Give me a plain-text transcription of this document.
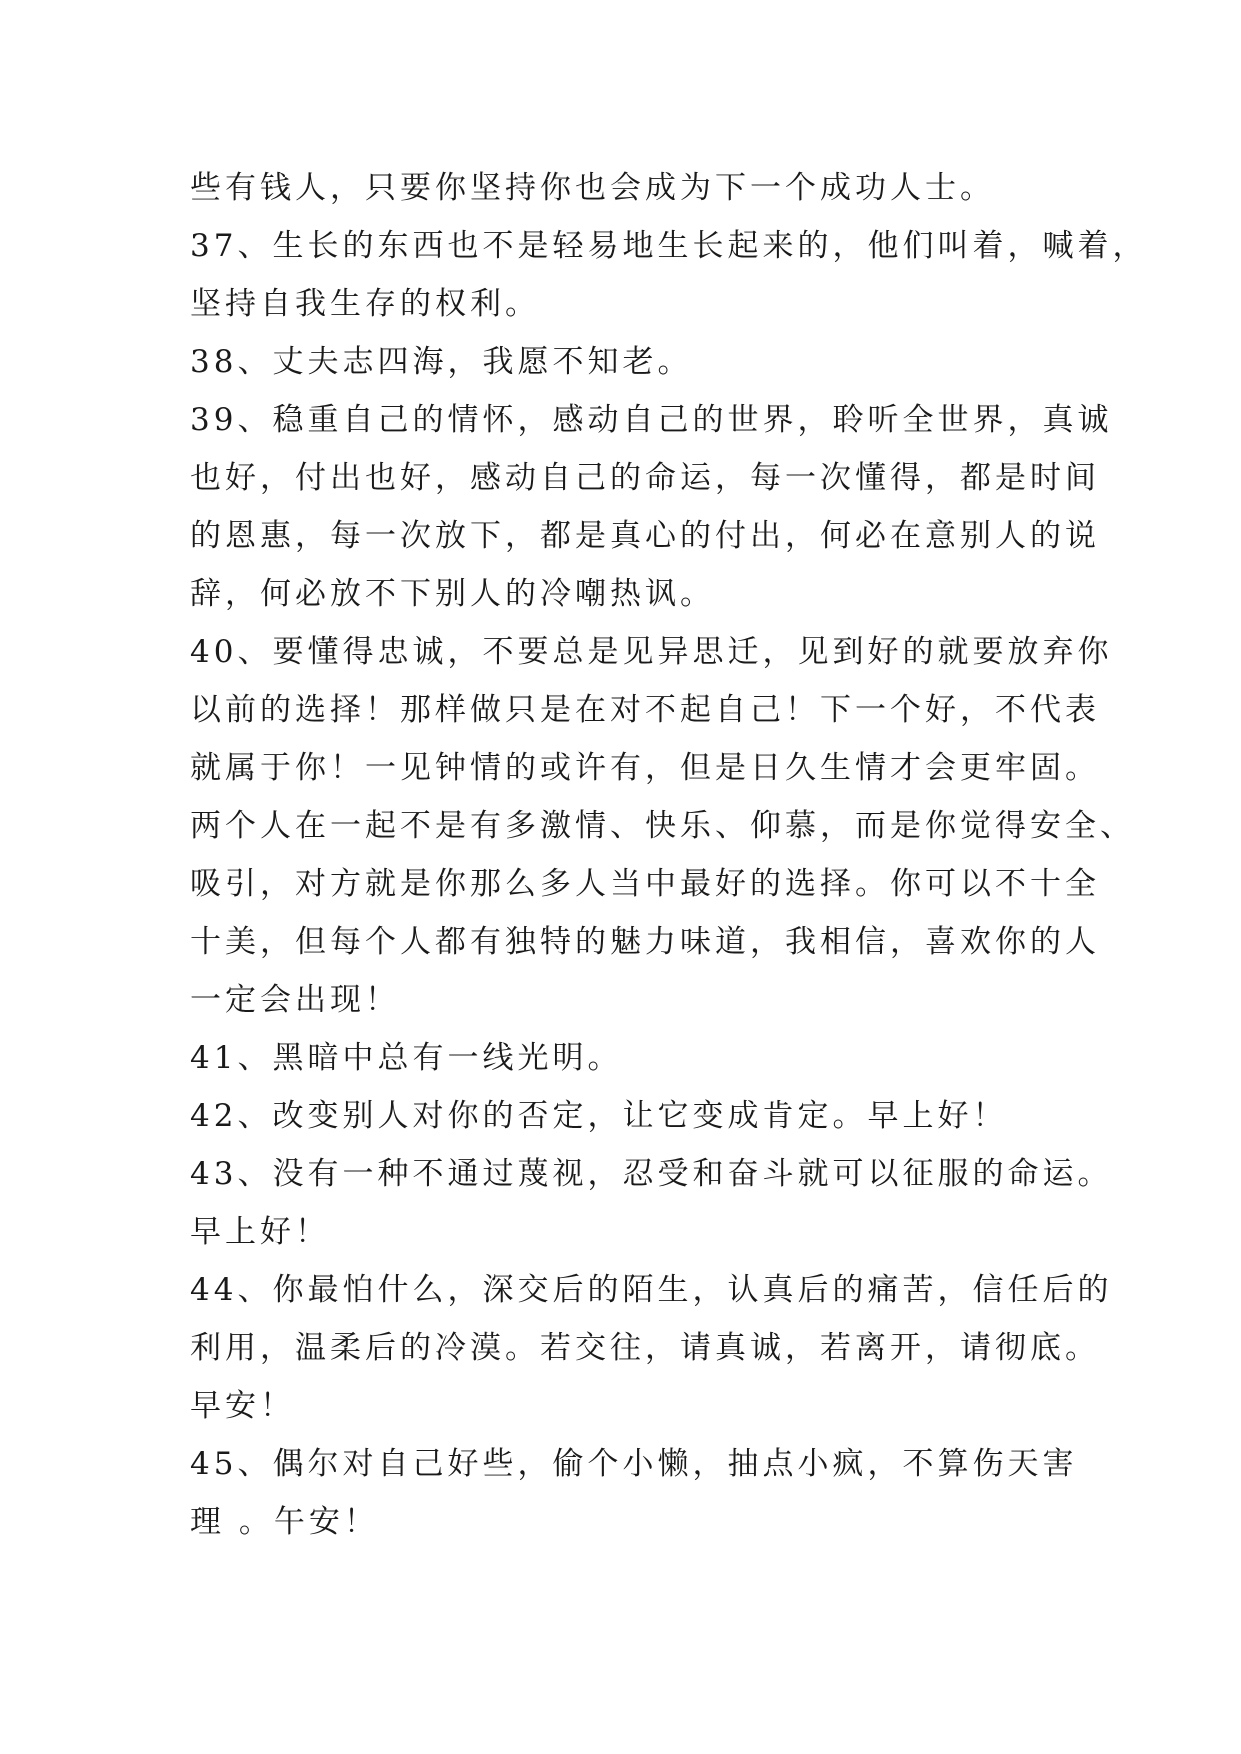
些有钱人，只要你坚持你也会成为下一个成功人士。
37、生长的东西也不是轻易地生长起来的，他们叫着，喊着，
坚持自我生存的权利。
38、丈夫志四海，我愿不知老。
39、稳重自己的情怀，感动自己的世界，聆听全世界，真诚
也好，付出也好，感动自己的命运，每一次懂得，都是时间
的恩惠，每一次放下，都是真心的付出，何必在意别人的说
辞，何必放不下别人的冷嘲热讽。
40、要懂得忠诚，不要总是见异思迁，见到好的就要放弃你
以前的选择！那样做只是在对不起自己！下一个好，不代表
就属于你！一见钟情的或许有，但是日久生情才会更牢固。
两个人在一起不是有多激情、快乐、仰慕，而是你觉得安全、
吸引，对方就是你那么多人当中最好的选择。你可以不十全
十美，但每个人都有独特的魅力味道，我相信，喜欢你的人
一定会出现！
41、黑暗中总有一线光明。
42、改变别人对你的否定，让它变成肯定。早上好！
43、没有一种不通过蔑视，忍受和奋斗就可以征服的命运。
早上好！
44、你最怕什么，深交后的陌生，认真后的痛苦，信任后的
利用，温柔后的冷漠。若交往，请真诚，若离开，请彻底。
早安！
45、偶尔对自己好些，偷个小懒，抽点小疯，不算伤天害
理 。午安！
